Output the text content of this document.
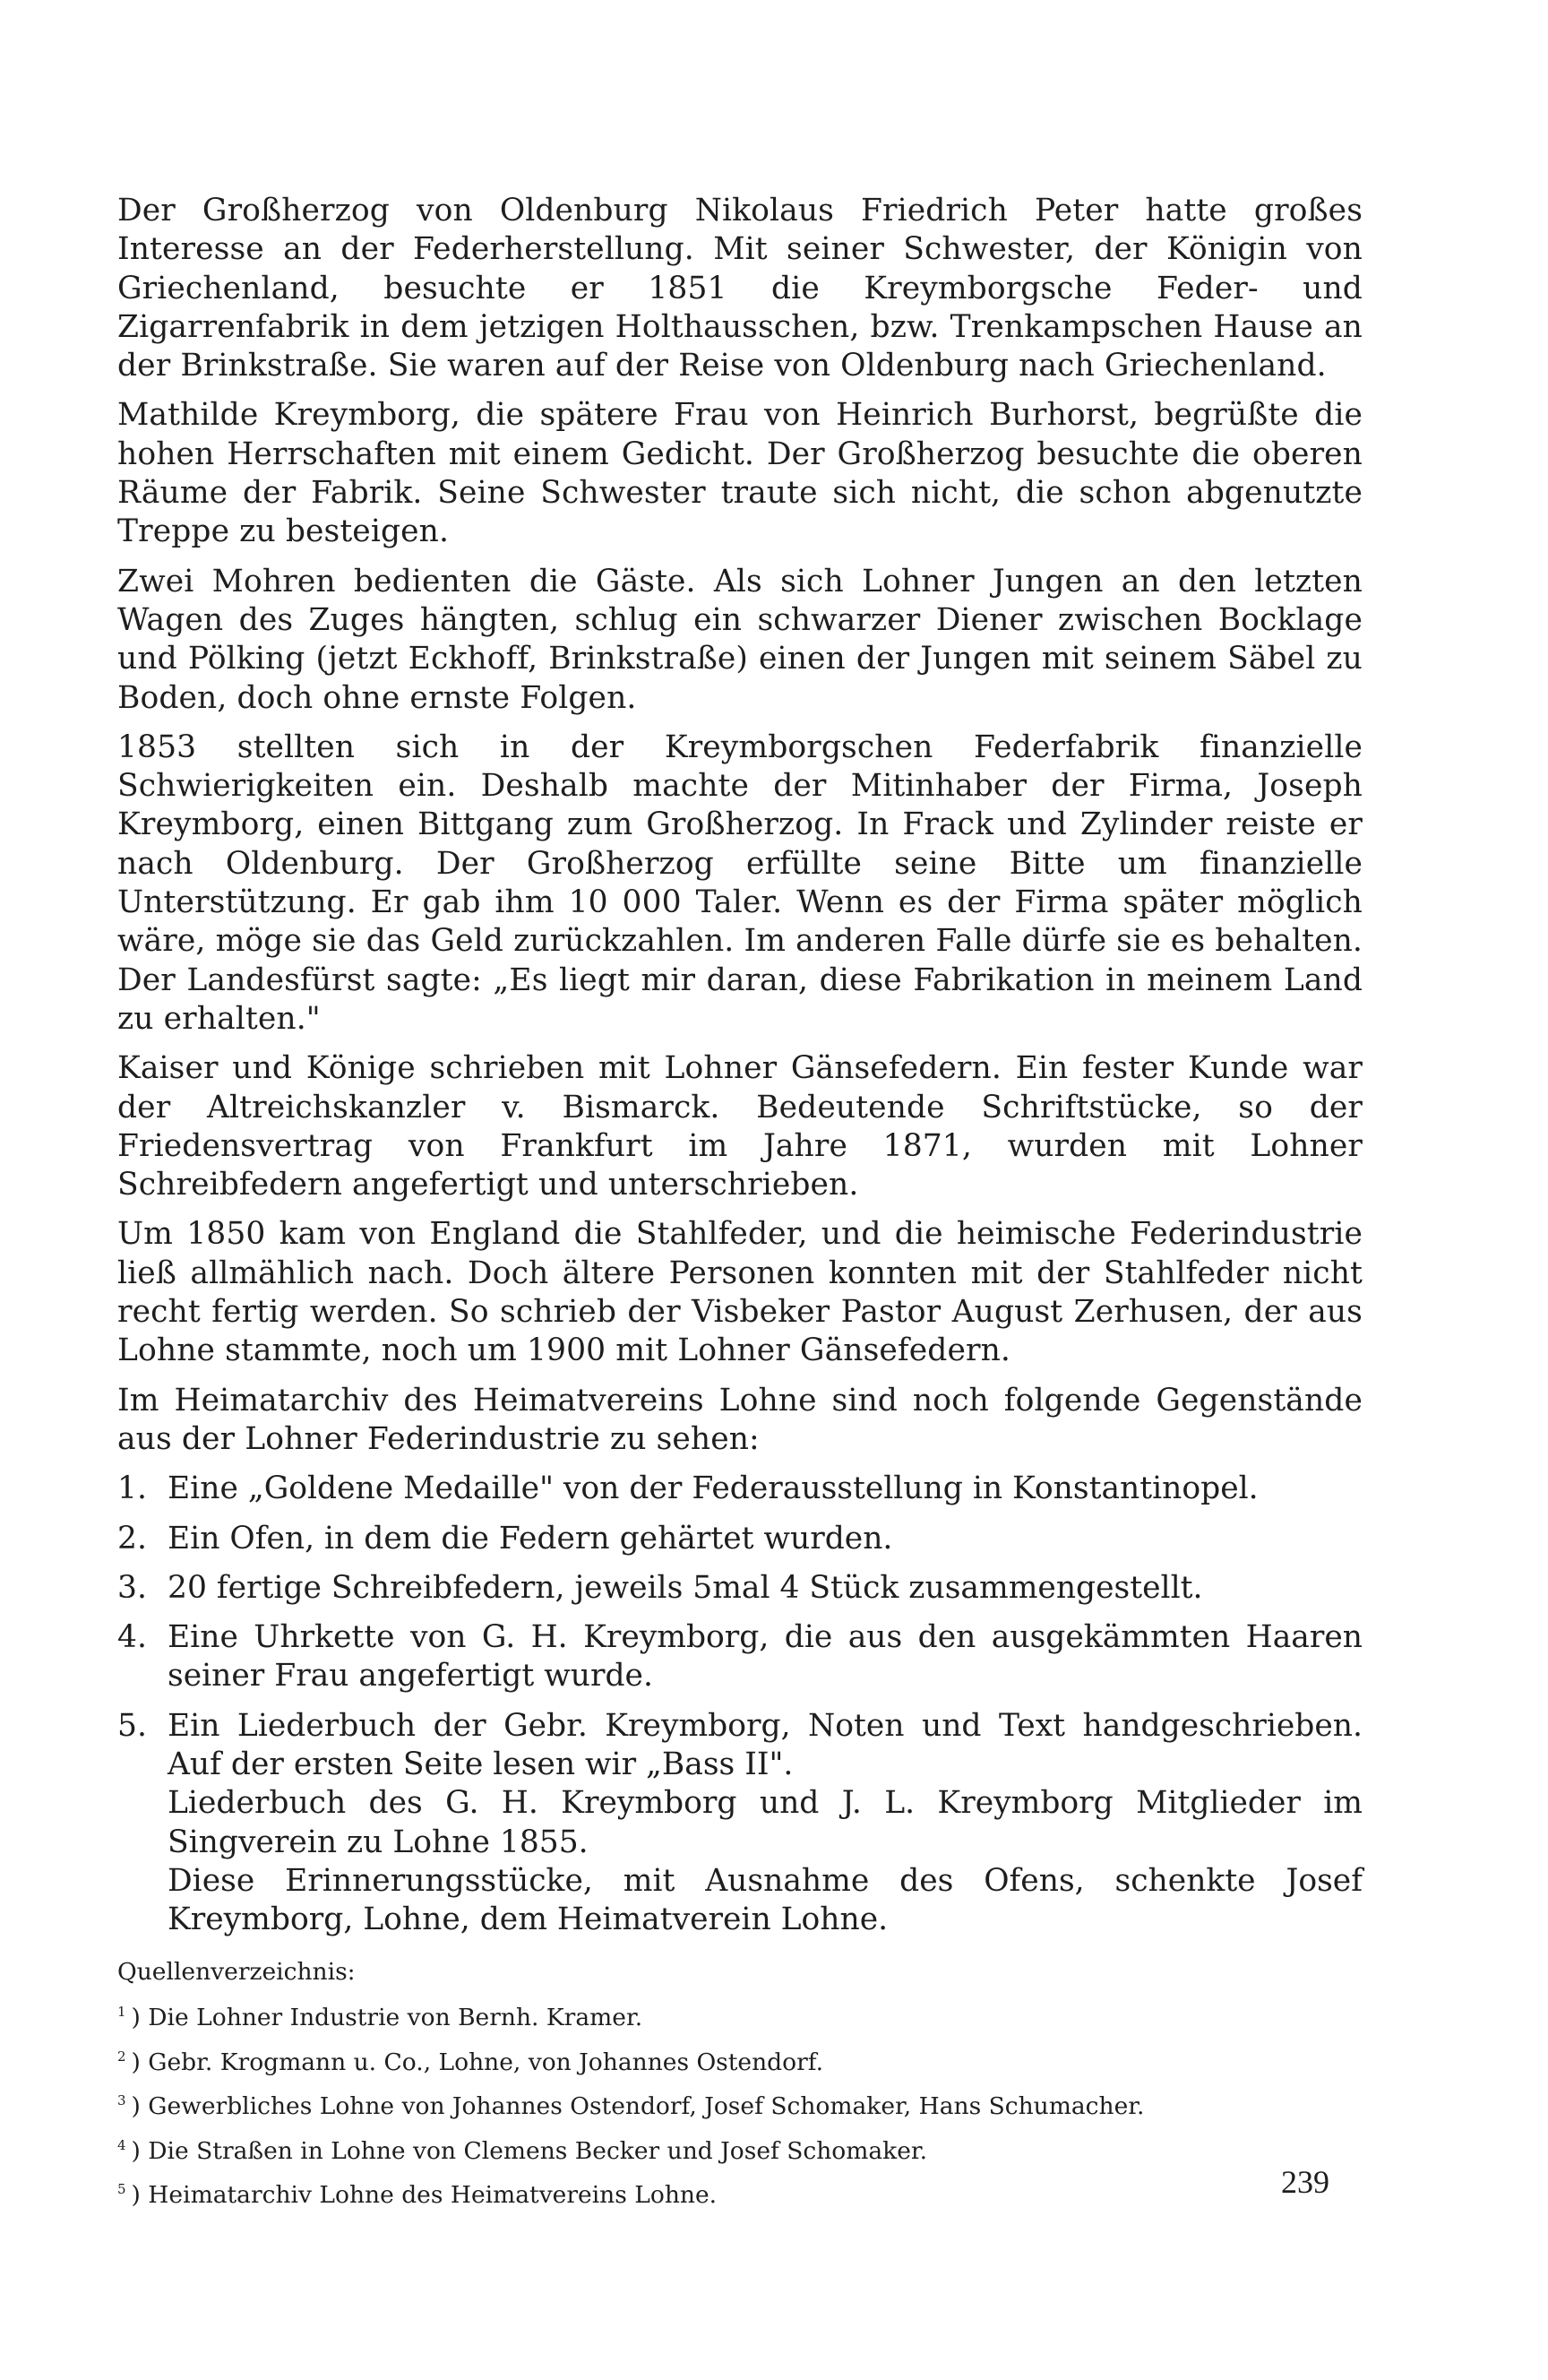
Der Großherzog von Oldenburg Nikolaus Friedrich Peter hatte großes Interesse an der Federherstellung. Mit seiner Schwester, der Königin von Griechenland, besuchte er 1851 die Kreymborgsche Feder- und Zigarrenfabrik in dem jetzigen Holthausschen, bzw. Trenkampschen Hause an der Brinkstraße. Sie waren auf der Reise von Oldenburg nach Griechenland.

Mathilde Kreymborg, die spätere Frau von Heinrich Burhorst, begrüßte die hohen Herrschaften mit einem Gedicht. Der Großherzog besuchte die oberen Räume der Fabrik. Seine Schwester traute sich nicht, die schon abgenutzte Treppe zu besteigen.

Zwei Mohren bedienten die Gäste. Als sich Lohner Jungen an den letzten Wagen des Zuges hängten, schlug ein schwarzer Diener zwischen Bocklage und Pölking (jetzt Eckhoff, Brinkstraße) einen der Jungen mit seinem Säbel zu Boden, doch ohne ernste Folgen.

1853 stellten sich in der Kreymborgschen Federfabrik finanzielle Schwierigkeiten ein. Deshalb machte der Mitinhaber der Firma, Joseph Kreymborg, einen Bittgang zum Großherzog. In Frack und Zylinder reiste er nach Oldenburg. Der Großherzog erfüllte seine Bitte um finanzielle Unterstützung. Er gab ihm 10 000 Taler. Wenn es der Firma später möglich wäre, möge sie das Geld zurückzahlen. Im anderen Falle dürfe sie es behalten. Der Landesfürst sagte: „Es liegt mir daran, diese Fabrikation in meinem Land zu erhalten."

Kaiser und Könige schrieben mit Lohner Gänsefedern. Ein fester Kunde war der Altreichskanzler v. Bismarck. Bedeutende Schriftstücke, so der Friedensvertrag von Frankfurt im Jahre 1871, wurden mit Lohner Schreibfedern angefertigt und unterschrieben.

Um 1850 kam von England die Stahlfeder, und die heimische Federindustrie ließ allmählich nach. Doch ältere Personen konnten mit der Stahlfeder nicht recht fertig werden. So schrieb der Visbeker Pastor August Zerhusen, der aus Lohne stammte, noch um 1900 mit Lohner Gänsefedern.

Im Heimatarchiv des Heimatvereins Lohne sind noch folgende Gegenstände aus der Lohner Federindustrie zu sehen:

1. Eine „Goldene Medaille" von der Federausstellung in Konstantinopel.
2. Ein Ofen, in dem die Federn gehärtet wurden.
3. 20 fertige Schreibfedern, jeweils 5mal 4 Stück zusammengestellt.
4. Eine Uhrkette von G. H. Kreymborg, die aus den ausgekämmten Haaren seiner Frau angefertigt wurde.
5. Ein Liederbuch der Gebr. Kreymborg, Noten und Text handgeschrieben. Auf der ersten Seite lesen wir „Bass II".
Liederbuch des G. H. Kreymborg und J. L. Kreymborg Mitglieder im Singverein zu Lohne 1855.
Diese Erinnerungsstücke, mit Ausnahme des Ofens, schenkte Josef Kreymborg, Lohne, dem Heimatverein Lohne.

Quellenverzeichnis:

$^1$ ) Die Lohner Industrie von Bernh. Kramer.

$^2$ ) Gebr. Krogmann u. Co., Lohne, von Johannes Ostendorf.

$^3$ ) Gewerbliches Lohne von Johannes Ostendorf, Josef Schomaker, Hans Schumacher.

$^4$ ) Die Straßen in Lohne von Clemens Becker und Josef Schomaker.

$^5$ ) Heimatarchiv Lohne des Heimatvereins Lohne.	239
